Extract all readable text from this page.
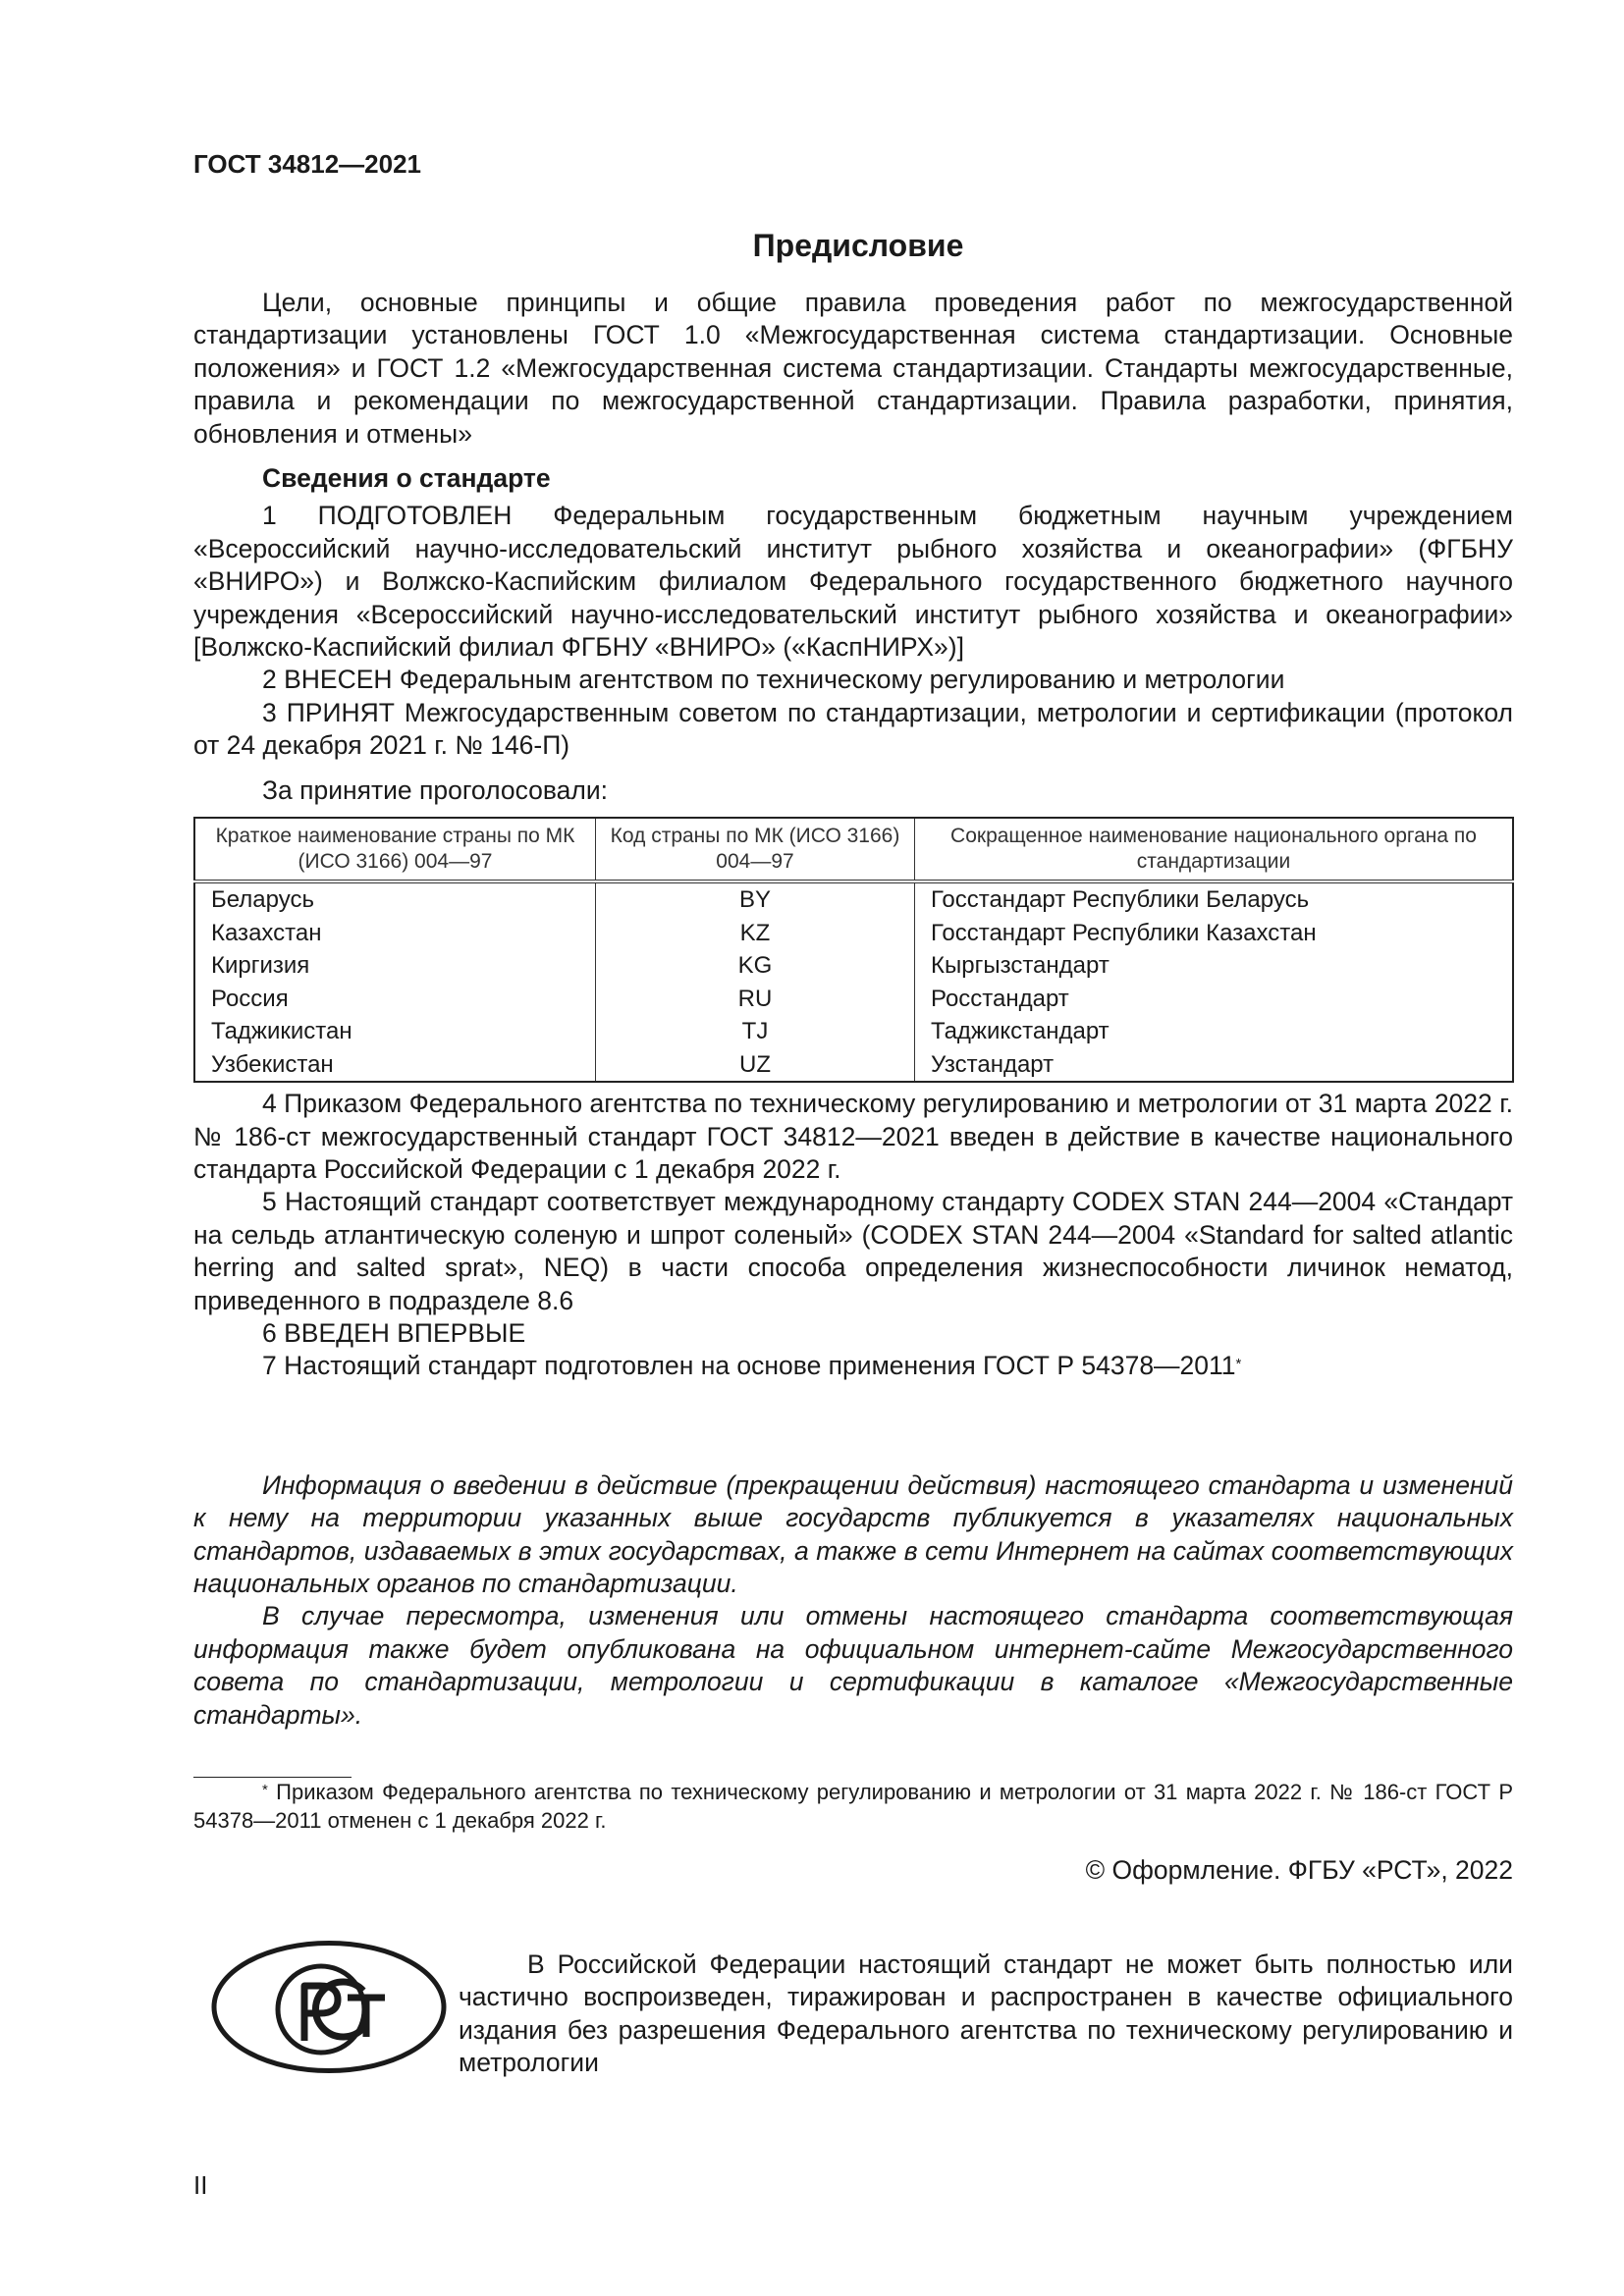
ГОСТ 34812—2021
Предисловие

Цели, основные принципы и общие правила проведения работ по межгосударственной стандартизации установлены ГОСТ 1.0 «Межгосударственная система стандартизации. Основные положения» и ГОСТ 1.2 «Межгосударственная система стандартизации. Стандарты межгосударственные, правила и рекомендации по межгосударственной стандартизации. Правила разработки, принятия, обновления и отмены»

Сведения о стандарте

1 ПОДГОТОВЛЕН Федеральным государственным бюджетным научным учреждением «Всероссийский научно-исследовательский институт рыбного хозяйства и океанографии» (ФГБНУ «ВНИРО») и Волжско-Каспийским филиалом Федерального государственного бюджетного научного учреждения «Всероссийский научно-исследовательский институт рыбного хозяйства и океанографии» [Волжско-Каспийский филиал ФГБНУ «ВНИРО» («КаспНИРХ»)]

2 ВНЕСЕН Федеральным агентством по техническому регулированию и метрологии

3 ПРИНЯТ Межгосударственным советом по стандартизации, метрологии и сертификации (протокол от 24 декабря 2021 г. № 146-П)

За принятие проголосовали:

Краткое наименование страны по МК (ИСО 3166) 004—97	Код страны по МК (ИСО 3166) 004—97	Сокращенное наименование национального органа по стандартизации
Беларусь	BY	Госстандарт Республики Беларусь
Казахстан	KZ	Госстандарт Республики Казахстан
Киргизия	KG	Кыргызстандарт
Россия	RU	Росстандарт
Таджикистан	TJ	Таджикстандарт
Узбекистан	UZ	Узстандарт

4 Приказом Федерального агентства по техническому регулированию и метрологии от 31 марта 2022 г. № 186-ст межгосударственный стандарт ГОСТ 34812—2021 введен в действие в качестве национального стандарта Российской Федерации с 1 декабря 2022 г.

5 Настоящий стандарт соответствует международному стандарту CODEX STAN 244—2004 «Стандарт на сельдь атлантическую соленую и шпрот соленый» (CODEX STAN 244—2004 «Standard for salted atlantic herring and salted sprat», NEQ) в части способа определения жизнеспособности личинок нематод, приведенного в подразделе 8.6

6 ВВЕДЕН ВПЕРВЫЕ

7 Настоящий стандарт подготовлен на основе применения ГОСТ Р 54378—2011*

Информация о введении в действие (прекращении действия) настоящего стандарта и изменений к нему на территории указанных выше государств публикуется в указателях национальных стандартов, издаваемых в этих государствах, а также в сети Интернет на сайтах соответствующих национальных органов по стандартизации.

В случае пересмотра, изменения или отмены настоящего стандарта соответствующая информация также будет опубликована на официальном интернет-сайте Межгосударственного совета по стандартизации, метрологии и сертификации в каталоге «Межгосударственные стандарты».

* Приказом Федерального агентства по техническому регулированию и метрологии от 31 марта 2022 г. № 186-ст ГОСТ Р 54378—2011 отменен с 1 декабря 2022 г.

© Оформление. ФГБУ «РСТ», 2022

В Российской Федерации настоящий стандарт не может быть полностью или частично воспроизведен, тиражирован и распространен в качестве официального издания без разрешения Федерального агентства по техническому регулированию и метрологии

II
